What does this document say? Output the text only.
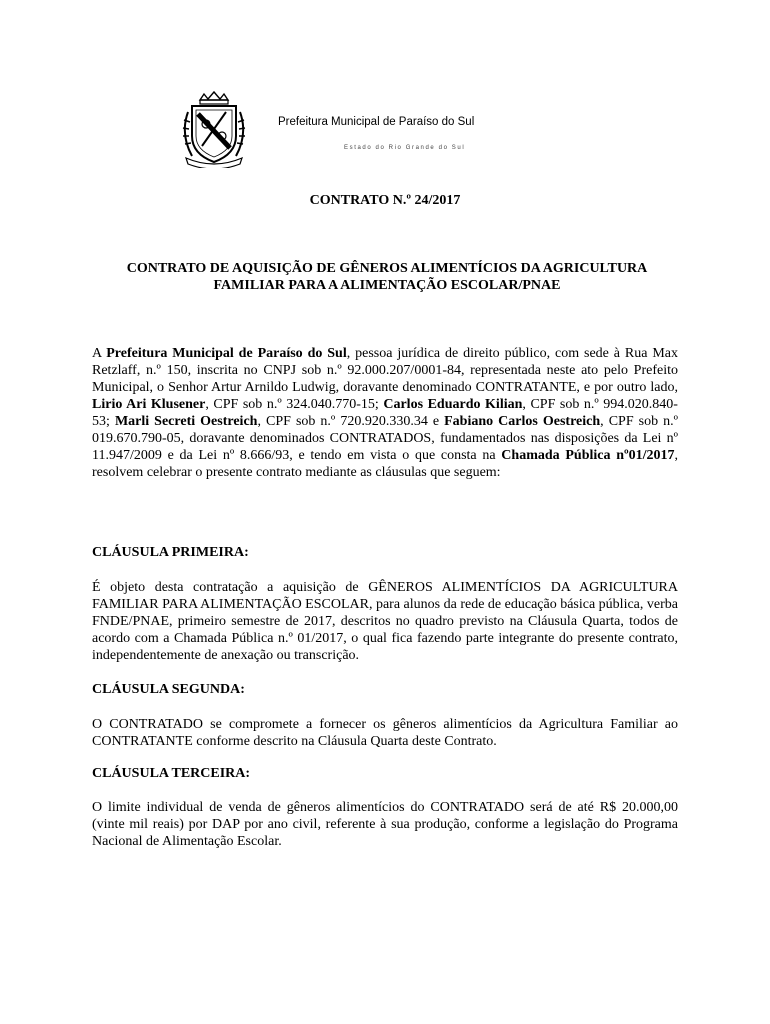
Prefeitura Municipal de Paraíso do Sul
Estado do Rio Grande do Sul
CONTRATO N.º 24/2017
CONTRATO DE AQUISIÇÃO DE GÊNEROS ALIMENTÍCIOS DA AGRICULTURA FAMILIAR PARA A ALIMENTAÇÃO ESCOLAR/PNAE

A Prefeitura Municipal de Paraíso do Sul, pessoa jurídica de direito público, com sede à Rua Max Retzlaff, n.º 150, inscrita no CNPJ sob n.º 92.000.207/0001-84, representada neste ato pelo Prefeito Municipal, o Senhor Artur Arnildo Ludwig, doravante denominado CONTRATANTE, e por outro lado, Lirio Ari Klusener, CPF sob n.º 324.040.770-15; Carlos Eduardo Kilian, CPF sob n.º 994.020.840-53; Marli Secreti Oestreich, CPF sob n.º 720.920.330.34 e Fabiano Carlos Oestreich, CPF sob n.º 019.670.790-05, doravante denominados CONTRATADOS, fundamentados nas disposições da Lei nº 11.947/2009 e da Lei nº 8.666/93, e tendo em vista o que consta na Chamada Pública nº01/2017, resolvem celebrar o presente contrato mediante as cláusulas que seguem:

CLÁUSULA PRIMEIRA:

É objeto desta contratação a aquisição de GÊNEROS ALIMENTÍCIOS DA AGRICULTURA FAMILIAR PARA ALIMENTAÇÃO ESCOLAR, para alunos da rede de educação básica pública, verba FNDE/PNAE, primeiro semestre de 2017, descritos no quadro previsto na Cláusula Quarta, todos de acordo com a Chamada Pública n.º 01/2017, o qual fica fazendo parte integrante do presente contrato, independentemente de anexação ou transcrição.

CLÁUSULA SEGUNDA:

O CONTRATADO se compromete a fornecer os gêneros alimentícios da Agricultura Familiar ao CONTRATANTE conforme descrito na Cláusula Quarta deste Contrato.

CLÁUSULA TERCEIRA:

O limite individual de venda de gêneros alimentícios do CONTRATADO será de até R$ 20.000,00 (vinte mil reais) por DAP por ano civil, referente à sua produção, conforme a legislação do Programa Nacional de Alimentação Escolar.
